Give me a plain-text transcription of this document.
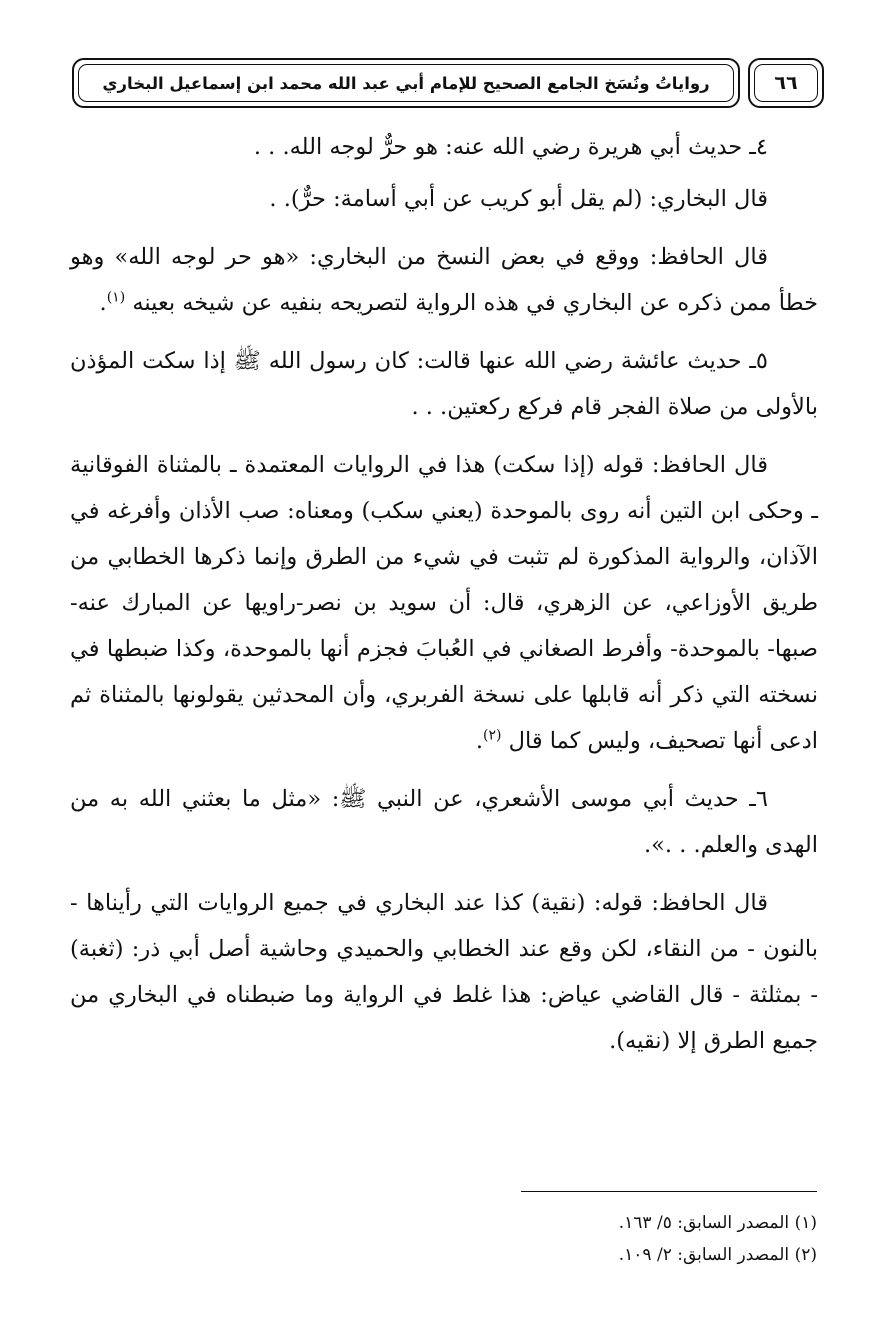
رواياتُ ونُسَخ الجامع الصحيح للإمام أبي عبد الله محمد ابن إسماعيل البخاري	٦٦

٤ـ حديث أبي هريرة رضي الله عنه: هو حرٌّ لوجه الله. . .

قال البخاري: (لم يقل أبو كريب عن أبي أسامة: حرٌّ). .

قال الحافظ: ووقع في بعض النسخ من البخاري: «هو حر لوجه الله» وهو خطأ ممن ذكره عن البخاري في هذه الرواية لتصريحه بنفيه عن شيخه بعينه $^{(١)}$.

٥ـ حديث عائشة رضي الله عنها قالت: كان رسول الله ﷺ إذا سكت المؤذن بالأولى من صلاة الفجر قام فركع ركعتين. . .

قال الحافظ: قوله (إذا سكت) هذا في الروايات المعتمدة ـ بالمثناة الفوقانية ـ وحكى ابن التين أنه روى بالموحدة (يعني سكب) ومعناه: صب الأذان وأفرغه في الآذان، والرواية المذكورة لم تثبت في شيء من الطرق وإنما ذكرها الخطابي من طريق الأوزاعي، عن الزهري، قال: أن سويد بن نصر-راويها عن المبارك عنه-صبها- بالموحدة- وأفرط الصغاني في العُبابَ فجزم أنها بالموحدة، وكذا ضبطها في نسخته التي ذكر أنه قابلها على نسخة الفربري، وأن المحدثين يقولونها بالمثناة ثم ادعى أنها تصحيف، وليس كما قال $^{(٢)}$.

٦ـ حديث أبي موسى الأشعري، عن النبي ﷺ: «مثل ما بعثني الله به من الهدى والعلم. . .».

قال الحافظ: قوله: (نقية) كذا عند البخاري في جميع الروايات التي رأيناها - بالنون - من النقاء، لكن وقع عند الخطابي والحميدي وحاشية أصل أبي ذر: (ثغبة) - بمثلثة - قال القاضي عياض: هذا غلط في الرواية وما ضبطناه في البخاري من جميع الطرق إلا (نقيه).

(١) المصدر السابق: ٥/ ١٦٣.
(٢) المصدر السابق: ٢/ ١٠٩.
